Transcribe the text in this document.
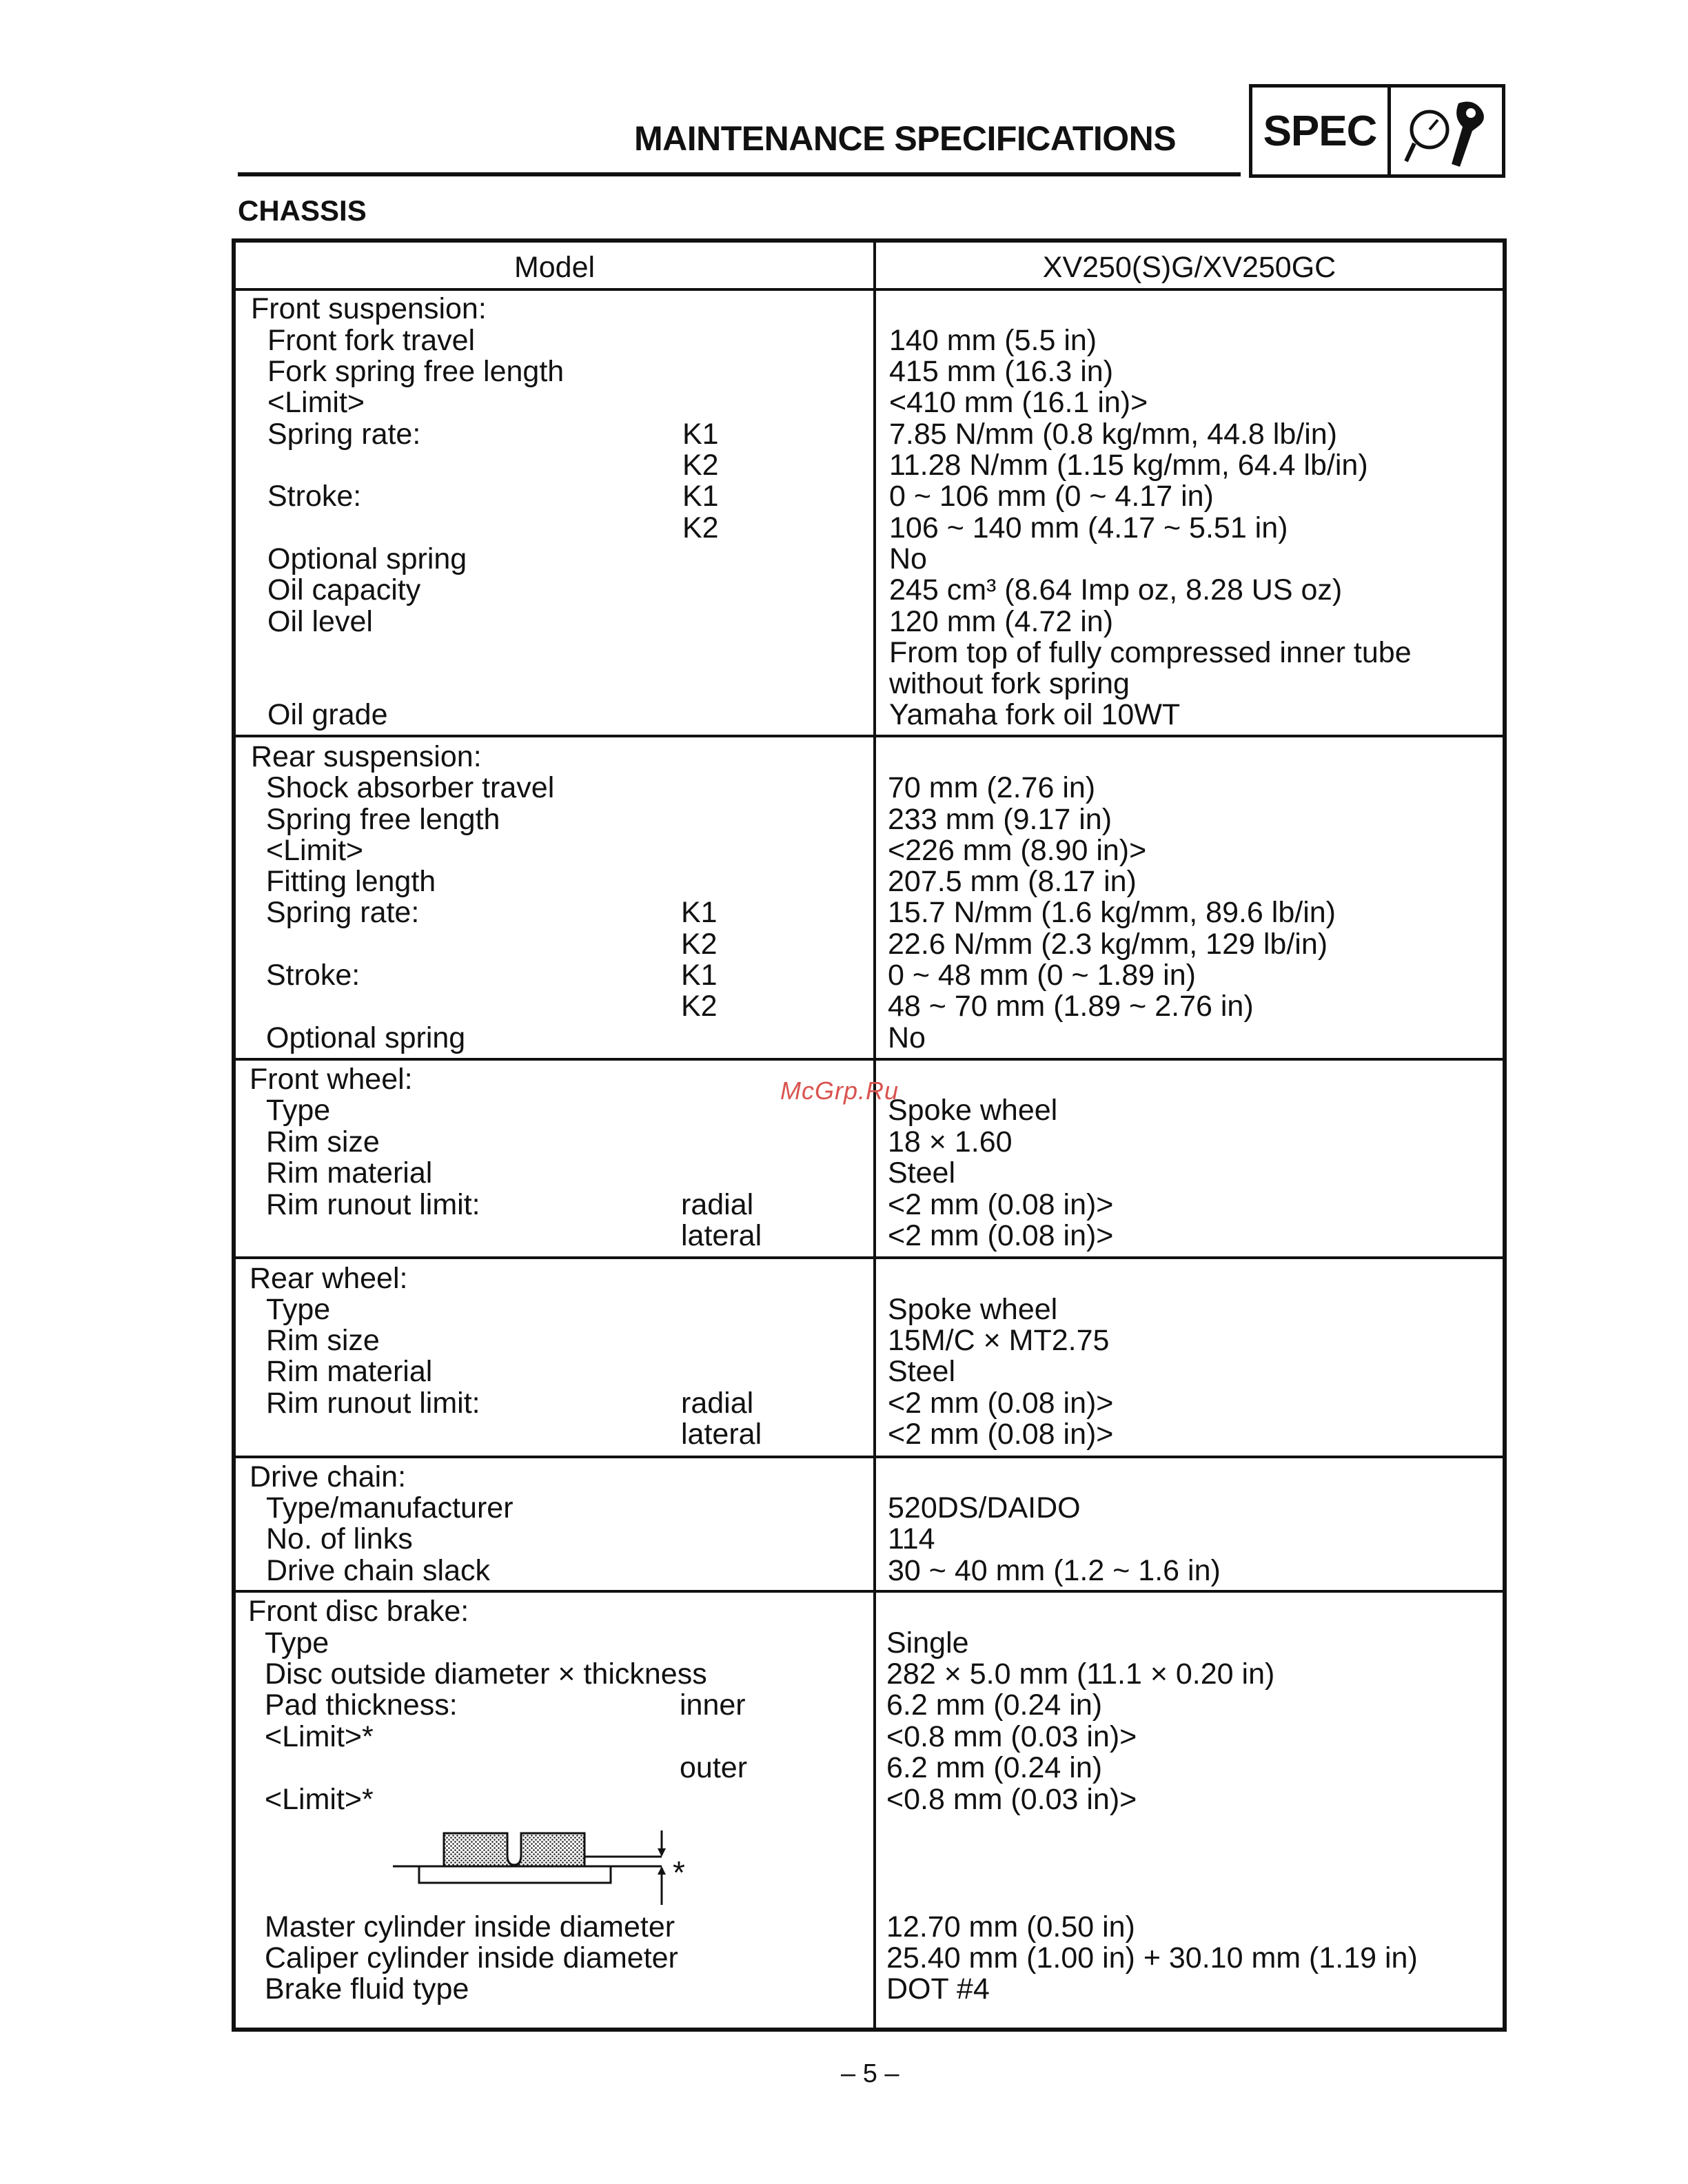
MAINTENANCE SPECIFICATIONS SPEC
CHASSIS
Model	XV250(S)G/XV250GC
Front suspension:
Front fork travel	140 mm (5.5 in)
Fork spring free length	415 mm (16.3 in)
<Limit>	<410 mm (16.1 in)>
Spring rate:	K1	7.85 N/mm (0.8 kg/mm, 44.8 lb/in)
K2	11.28 N/mm (1.15 kg/mm, 64.4 lb/in)
Stroke:	K1	0 ~ 106 mm (0 ~ 4.17 in)
K2	106 ~ 140 mm (4.17 ~ 5.51 in)
Optional spring	No
Oil capacity	245 cm³ (8.64 Imp oz, 8.28 US oz)
Oil level	120 mm (4.72 in)
From top of fully compressed inner tube
without fork spring
Oil grade	Yamaha fork oil 10WT
Rear suspension:
Shock absorber travel	70 mm (2.76 in)
Spring free length	233 mm (9.17 in)
<Limit>	<226 mm (8.90 in)>
Fitting length	207.5 mm (8.17 in)
Spring rate:	K1	15.7 N/mm (1.6 kg/mm, 89.6 lb/in)
K2	22.6 N/mm (2.3 kg/mm, 129 lb/in)
Stroke:	K1	0 ~ 48 mm (0 ~ 1.89 in)
K2	48 ~ 70 mm (1.89 ~ 2.76 in)
Optional spring	No
Front wheel:
Type	Spoke wheel
Rim size	18 × 1.60
Rim material	Steel
Rim runout limit:	radial	<2 mm (0.08 in)>
lateral	<2 mm (0.08 in)>
Rear wheel:
Type	Spoke wheel
Rim size	15M/C × MT2.75
Rim material	Steel
Rim runout limit:	radial	<2 mm (0.08 in)>
lateral	<2 mm (0.08 in)>
Drive chain:
Type/manufacturer	520DS/DAIDO
No. of links	114
Drive chain slack	30 ~ 40 mm (1.2 ~ 1.6 in)
Front disc brake:
Type	Single
Disc outside diameter × thickness	282 × 5.0 mm (11.1 × 0.20 in)
Pad thickness:	inner	6.2 mm (0.24 in)
<Limit>*	<0.8 mm (0.03 in)>
outer	6.2 mm (0.24 in)
<Limit>*	<0.8 mm (0.03 in)>
Master cylinder inside diameter	12.70 mm (0.50 in)
Caliper cylinder inside diameter	25.40 mm (1.00 in) + 30.10 mm (1.19 in)
Brake fluid type	DOT #4
*
McGrp.Ru
– 5 –
